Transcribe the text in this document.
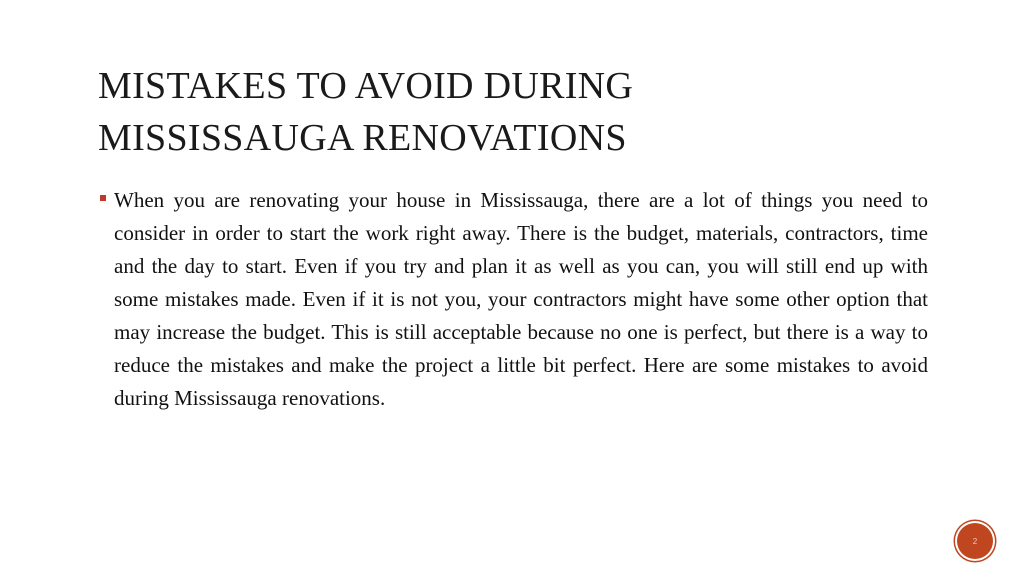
MISTAKES TO AVOID DURING
MISSISSAUGA RENOVATIONS
When you are renovating your house in Mississauga, there are a lot of things you need to consider in order to start the work right away. There is the budget, materials, contractors, time and the day to start. Even if you try and plan it as well as you can, you will still end up with some mistakes made. Even if it is not you, your contractors might have some other option that may increase the budget. This is still acceptable because no one is perfect, but there is a way to reduce the mistakes and make the project a little bit perfect. Here are some mistakes to avoid during Mississauga renovations.
2
